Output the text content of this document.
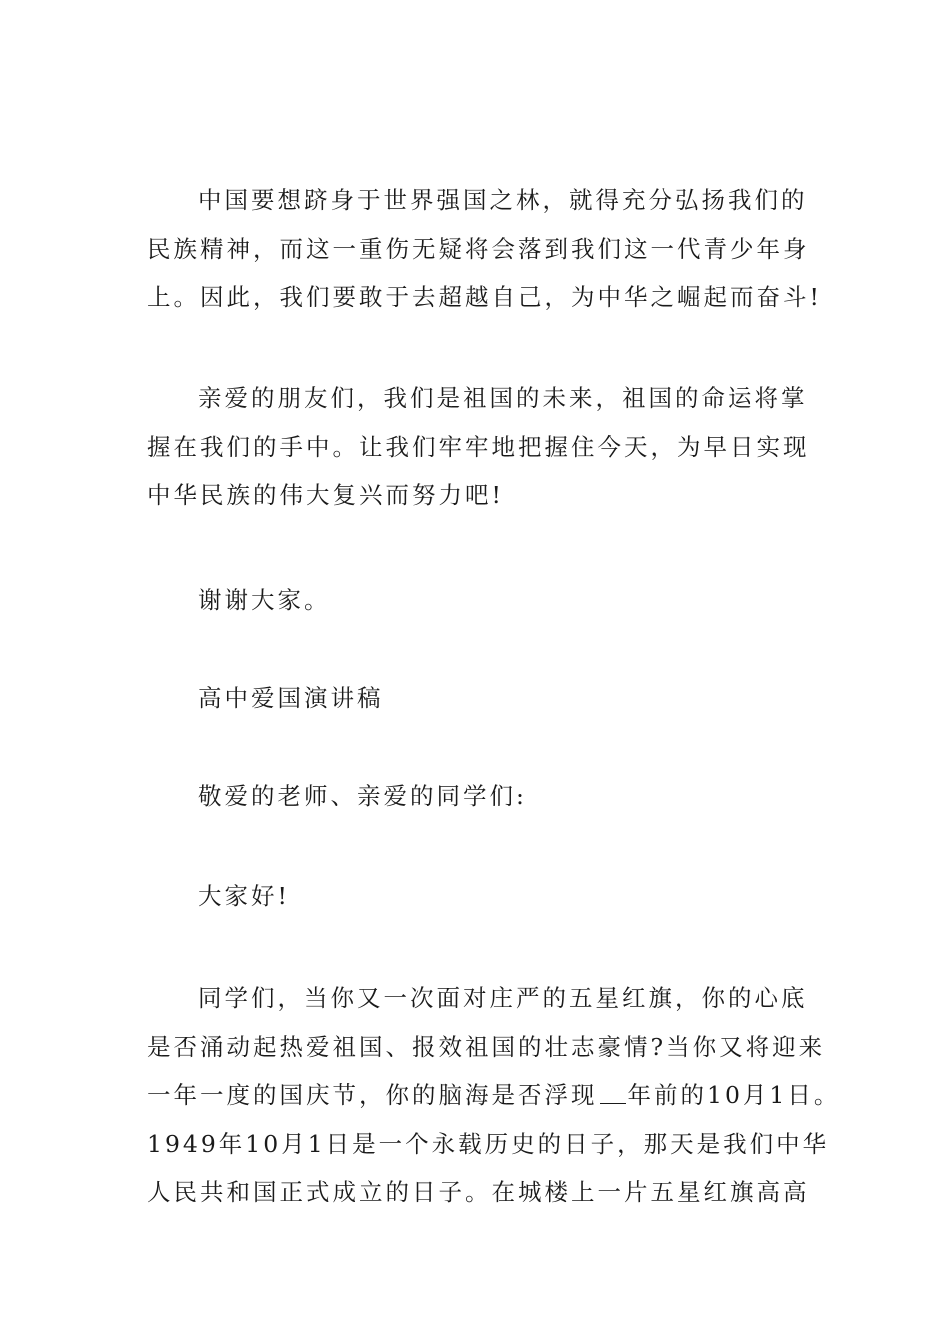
中国要想跻身于世界强国之林，就得充分弘扬我们的
民族精神，而这一重伤无疑将会落到我们这一代青少年身
上。因此，我们要敢于去超越自己，为中华之崛起而奋斗!
亲爱的朋友们，我们是祖国的未来，祖国的命运将掌
握在我们的手中。让我们牢牢地把握住今天，为早日实现
中华民族的伟大复兴而努力吧!
谢谢大家。
高中爱国演讲稿
敬爱的老师、亲爱的同学们:
大家好!
同学们，当你又一次面对庄严的五星红旗，你的心底
是否涌动起热爱祖国、报效祖国的壮志豪情?当你又将迎来
一年一度的国庆节，你的脑海是否浮现 年前的10月1日。
1949年10月1日是一个永载历史的日子，那天是我们中华
人民共和国正式成立的日子。在城楼上一片五星红旗高高
